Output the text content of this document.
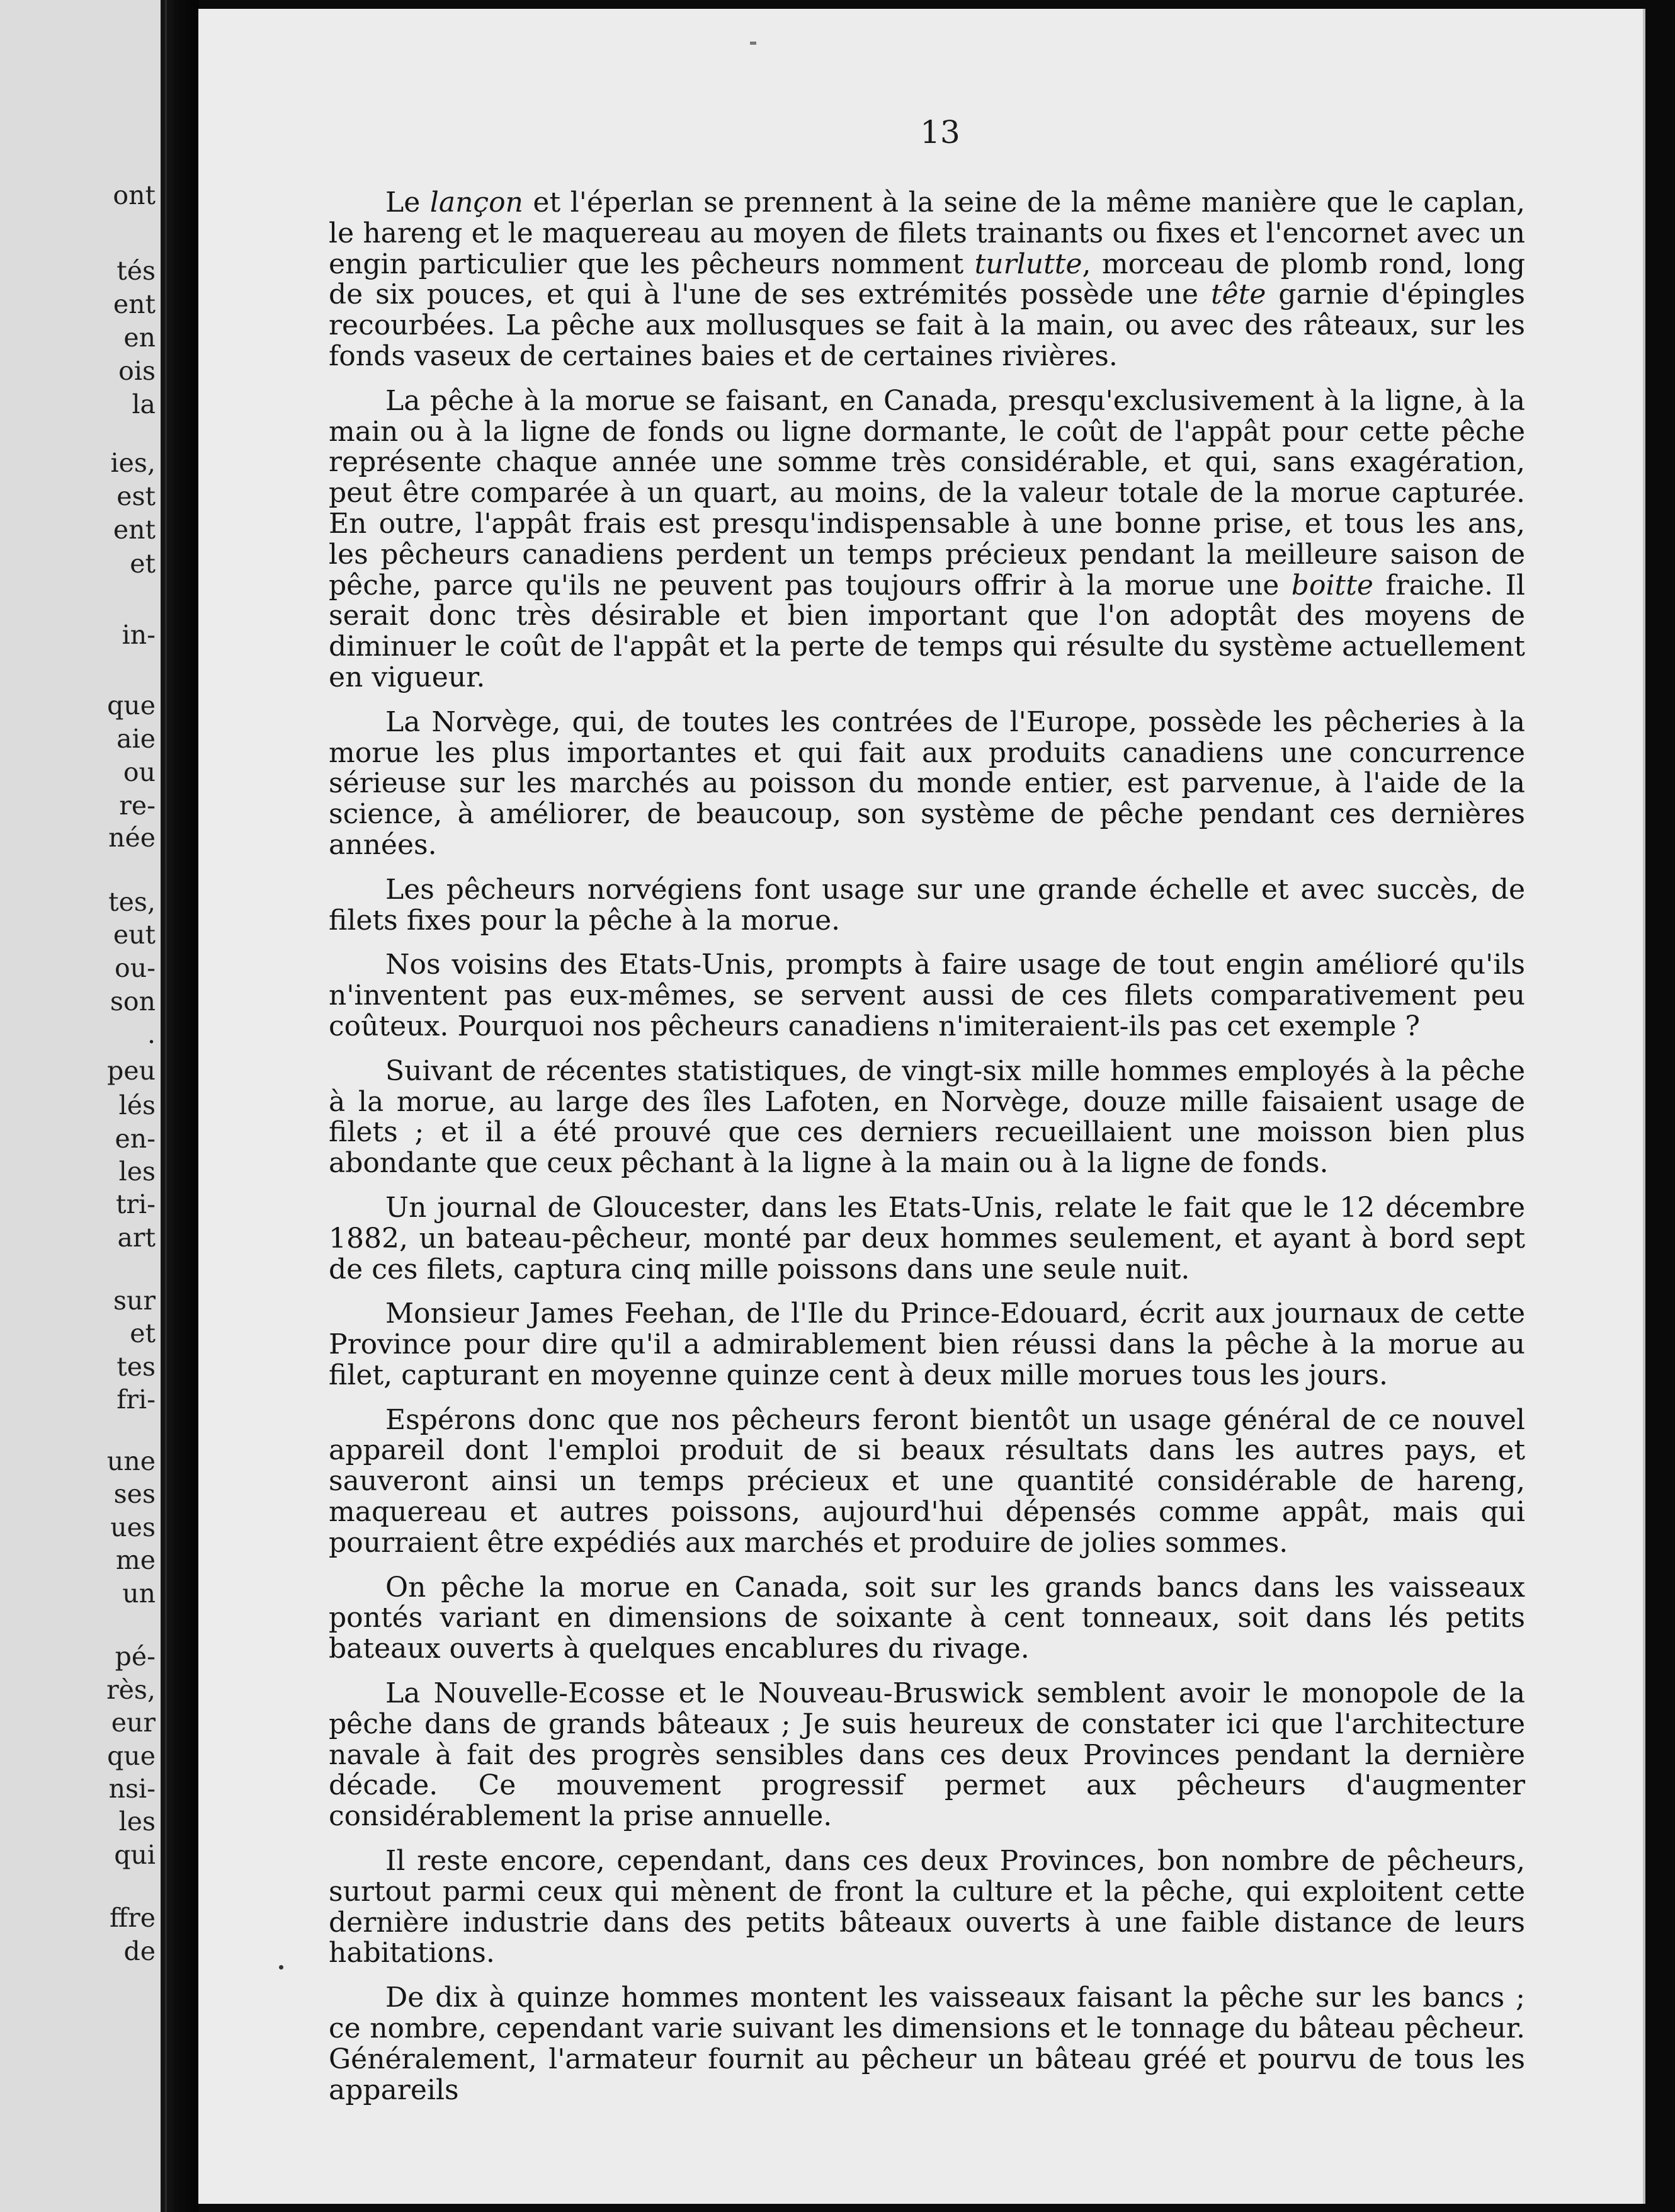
ont
tés
ent
en
ois
la
ies,
est
ent
et
in-
que
aie
ou
re-
née
tes,
eut
ou-
son
.
peu
lés
en-
les
tri-
art
sur
et
tes
fri-
une
ses
ues
me
un
pé-
rès,
eur
que
nsi-
les
qui
ffre
de
13

Le lançon et l'éperlan se prennent à la seine de la même manière que le caplan, le hareng et le maquereau au moyen de filets trainants ou fixes et l'encornet avec un engin particulier que les pêcheurs nomment turlutte, morceau de plomb rond, long de six pouces, et qui à l'une de ses extrémités possède une tête garnie d'épingles recourbées. La pêche aux mollusques se fait à la main, ou avec des râteaux, sur les fonds vaseux de certaines baies et de certaines rivières.

La pêche à la morue se faisant, en Canada, presqu'exclusivement à la ligne, à la main ou à la ligne de fonds ou ligne dormante, le coût de l'appât pour cette pêche représente chaque année une somme très considérable, et qui, sans exagération, peut être comparée à un quart, au moins, de la valeur totale de la morue capturée. En outre, l'appât frais est presqu'indispensable à une bonne prise, et tous les ans, les pêcheurs canadiens perdent un temps précieux pendant la meilleure saison de pêche, parce qu'ils ne peuvent pas toujours offrir à la morue une boitte fraiche. Il serait donc très désirable et bien important que l'on adoptât des moyens de diminuer le coût de l'appât et la perte de temps qui résulte du système actuellement en vigueur.

La Norvège, qui, de toutes les contrées de l'Europe, possède les pêcheries à la morue les plus importantes et qui fait aux produits canadiens une concurrence sérieuse sur les marchés au poisson du monde entier, est parvenue, à l'aide de la science, à améliorer, de beaucoup, son système de pêche pendant ces dernières années.

Les pêcheurs norvégiens font usage sur une grande échelle et avec succès, de filets fixes pour la pêche à la morue.

Nos voisins des Etats-Unis, prompts à faire usage de tout engin amélioré qu'ils n'inventent pas eux-mêmes, se servent aussi de ces filets comparativement peu coûteux. Pourquoi nos pêcheurs canadiens n'imiteraient-ils pas cet exemple ?

Suivant de récentes statistiques, de vingt-six mille hommes employés à la pêche à la morue, au large des îles Lafoten, en Norvège, douze mille faisaient usage de filets ; et il a été prouvé que ces derniers recueillaient une moisson bien plus abondante que ceux pêchant à la ligne à la main ou à la ligne de fonds.

Un journal de Gloucester, dans les Etats-Unis, relate le fait que le 12 décembre 1882, un bateau-pêcheur, monté par deux hommes seulement, et ayant à bord sept de ces filets, captura cinq mille poissons dans une seule nuit.

Monsieur James Feehan, de l'Ile du Prince-Edouard, écrit aux journaux de cette Province pour dire qu'il a admirablement bien réussi dans la pêche à la morue au filet, capturant en moyenne quinze cent à deux mille morues tous les jours.

Espérons donc que nos pêcheurs feront bientôt un usage général de ce nouvel appareil dont l'emploi produit de si beaux résultats dans les autres pays, et sauveront ainsi un temps précieux et une quantité considérable de hareng, maquereau et autres poissons, aujourd'hui dépensés comme appât, mais qui pourraient être expédiés aux marchés et produire de jolies sommes.

On pêche la morue en Canada, soit sur les grands bancs dans les vaisseaux pontés variant en dimensions de soixante à cent tonneaux, soit dans lés petits bateaux ouverts à quelques encablures du rivage.

La Nouvelle-Ecosse et le Nouveau-Bruswick semblent avoir le monopole de la pêche dans de grands bâteaux ; Je suis heureux de constater ici que l'architecture navale à fait des progrès sensibles dans ces deux Provinces pendant la dernière décade. Ce mouvement progressif permet aux pêcheurs d'augmenter considérablement la prise annuelle.

Il reste encore, cependant, dans ces deux Provinces, bon nombre de pêcheurs, surtout parmi ceux qui mènent de front la culture et la pêche, qui exploitent cette dernière industrie dans des petits bâteaux ouverts à une faible distance de leurs habitations.

De dix à quinze hommes montent les vaisseaux faisant la pêche sur les bancs ; ce nombre, cependant varie suivant les dimensions et le tonnage du bâteau pêcheur. Généralement, l'armateur fournit au pêcheur un bâteau gréé et pourvu de tous les appareils
